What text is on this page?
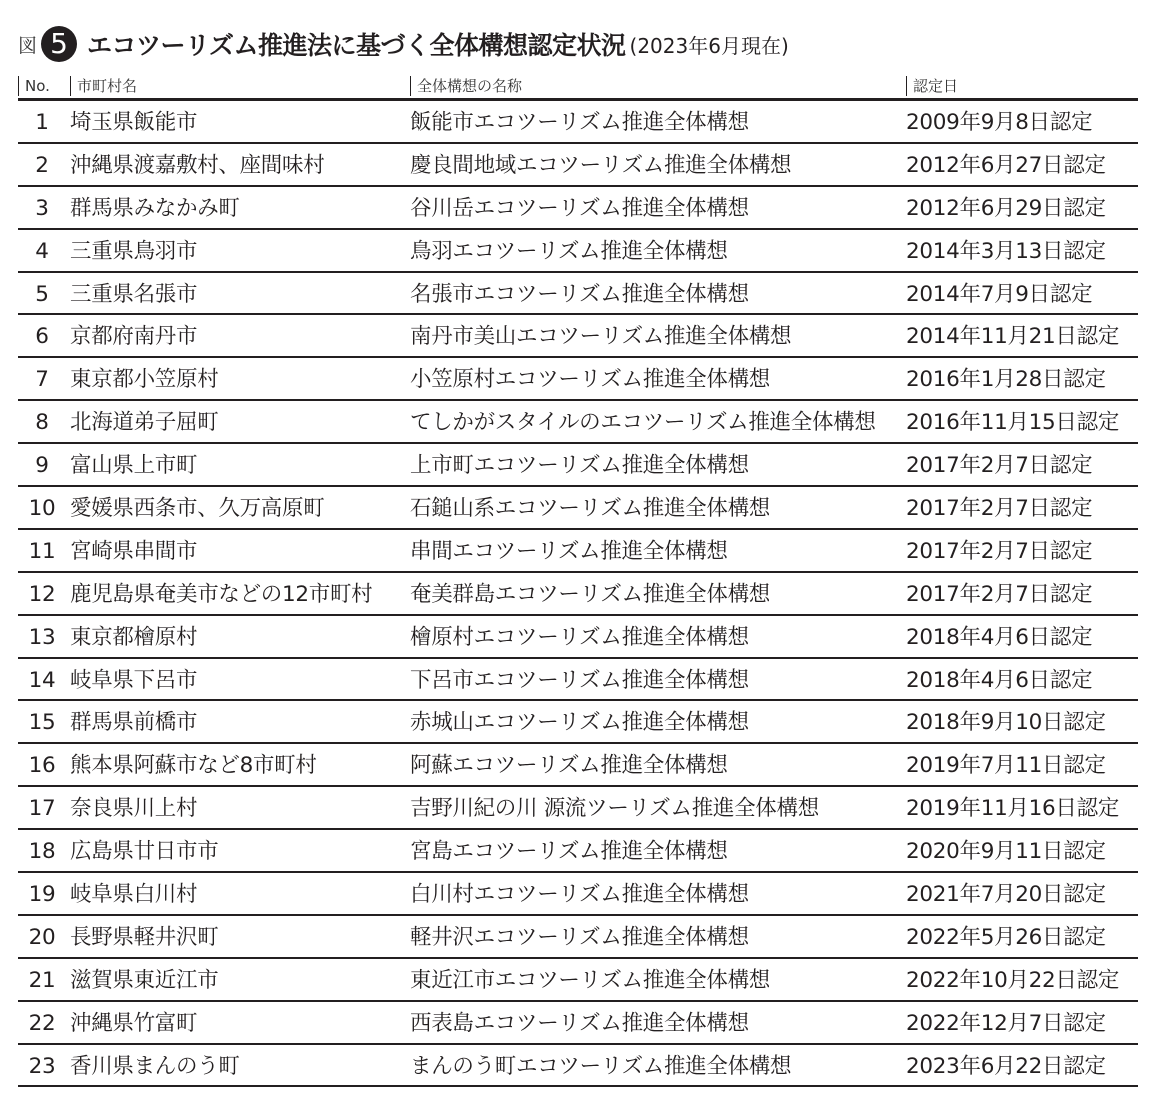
図 5 エコツーリズム推進法に基づく全体構想認定状況 (2023年6月現在)
No.	市町村名	全体構想の名称	認定日
1 埼玉県飯能市	飯能市エコツーリズム推進全体構想	2009年9月8日認定
2 沖縄県渡嘉敷村、座間味村	慶良間地域エコツーリズム推進全体構想	2012年6月27日認定
3 群馬県みなかみ町	谷川岳エコツーリズム推進全体構想	2012年6月29日認定
4 三重県鳥羽市	鳥羽エコツーリズム推進全体構想	2014年3月13日認定
5 三重県名張市	名張市エコツーリズム推進全体構想	2014年7月9日認定
6 京都府南丹市	南丹市美山エコツーリズム推進全体構想	2014年11月21日認定
7 東京都小笠原村	小笠原村エコツーリズム推進全体構想	2016年1月28日認定
8 北海道弟子屈町	てしかがスタイルのエコツーリズム推進全体構想 2016年11月15日認定
9 富山県上市町	上市町エコツーリズム推進全体構想	2017年2月7日認定
10 愛媛県西条市、久万高原町	石鎚山系エコツーリズム推進全体構想	2017年2月7日認定
11 宮崎県串間市	串間エコツーリズム推進全体構想	2017年2月7日認定
12 鹿児島県奄美市などの12市町村 奄美群島エコツーリズム推進全体構想	2017年2月7日認定
13 東京都檜原村	檜原村エコツーリズム推進全体構想	2018年4月6日認定
14 岐阜県下呂市	下呂市エコツーリズム推進全体構想	2018年4月6日認定
15 群馬県前橋市	赤城山エコツーリズム推進全体構想	2018年9月10日認定
16 熊本県阿蘇市など8市町村	阿蘇エコツーリズム推進全体構想	2019年7月11日認定
17 奈良県川上村	吉野川紀の川 源流ツーリズム推進全体構想	2019年11月16日認定
18 広島県廿日市市	宮島エコツーリズム推進全体構想	2020年9月11日認定
19 岐阜県白川村	白川村エコツーリズム推進全体構想	2021年7月20日認定
20 長野県軽井沢町	軽井沢エコツーリズム推進全体構想	2022年5月26日認定
21 滋賀県東近江市	東近江市エコツーリズム推進全体構想	2022年10月22日認定
22 沖縄県竹富町	西表島エコツーリズム推進全体構想	2022年12月7日認定
23 香川県まんのう町	まんのう町エコツーリズム推進全体構想	2023年6月22日認定
